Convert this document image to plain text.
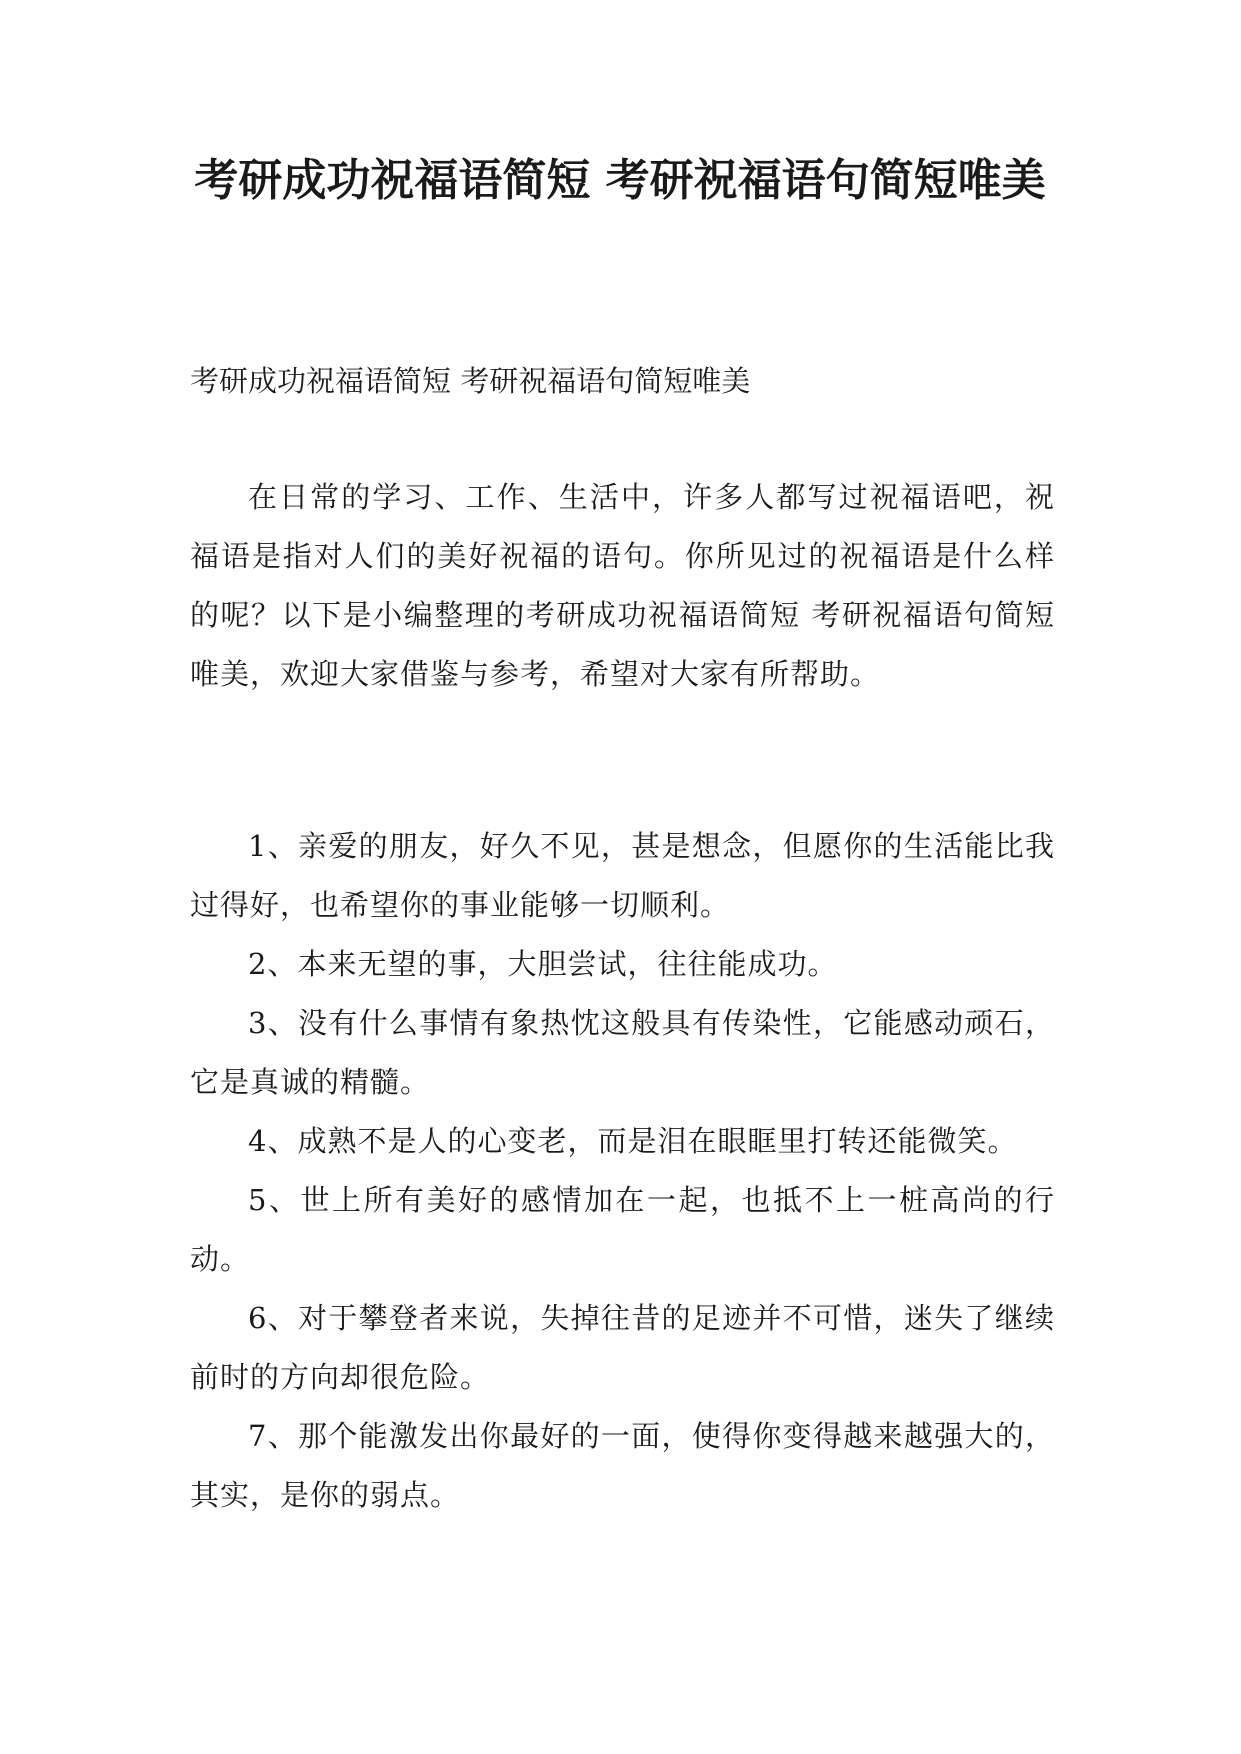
考研成功祝福语简短 考研祝福语句简短唯美

考研成功祝福语简短 考研祝福语句简短唯美

在日常的学习、工作、生活中，许多人都写过祝福语吧，祝福语是指对人们的美好祝福的语句。你所见过的祝福语是什么样的呢？以下是小编整理的考研成功祝福语简短 考研祝福语句简短唯美，欢迎大家借鉴与参考，希望对大家有所帮助。

1、亲爱的朋友，好久不见，甚是想念，但愿你的生活能比我过得好，也希望你的事业能够一切顺利。

2、本来无望的事，大胆尝试，往往能成功。

3、没有什么事情有象热忱这般具有传染性，它能感动顽石，它是真诚的精髓。

4、成熟不是人的心变老，而是泪在眼眶里打转还能微笑。

5、世上所有美好的感情加在一起，也抵不上一桩高尚的行动。

6、对于攀登者来说，失掉往昔的足迹并不可惜，迷失了继续前时的方向却很危险。

7、那个能激发出你最好的一面，使得你变得越来越强大的，其实，是你的弱点。
